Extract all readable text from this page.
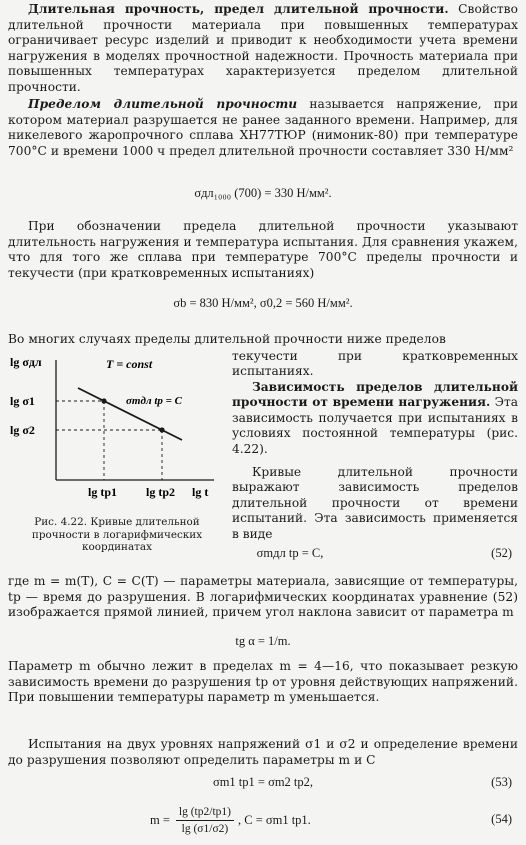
Длительная прочность, предел длительной прочности. Свойство длительной прочности материала при повышенных температурах ограничивает ресурс изделий и приводит к необходимости учета времени нагружения в моделях прочностной надежности. Прочность материала при повышенных температурах характеризуется пределом длительной прочности.

Пределом длительной прочности называется напряжение, при котором материал разрушается не ранее заданного времени. Например, для никелевого жаропрочного сплава ХН77ТЮР (нимоник-80) при температуре 700°С и времени 1000 ч предел длительной прочности составляет 330 Н/мм²

σдл₁₀₀₀ (700) = 330 Н/мм².

При обозначении предела длительной прочности указывают длительность нагружения и температура испытания. Для сравнения укажем, что для того же сплава при температуре 700°С пределы прочности и текучести (при кратковременных испытаниях)

σb = 830 Н/мм², σ0,2 = 560 Н/мм².

Во многих случаях пределы длительной прочности ниже пределов

lg σдл
lg σ1
lg σ2
T = const
σmдл tp = C
lg tp1 lg tp2 lg t

Рис. 4.22. Кривые длительной прочности в логарифмических координатах

текучести при кратковременных испытаниях.

Зависимость пределов длительной прочности от времени нагружения. Эта зависимость получается при испытаниях в условиях постоянной температуры (рис. 4.22).

Кривые длительной прочности выражают зависимость пределов длительной прочности от времени испытаний. Эта зависимость применяется в виде

σmдл tp = C,	(52)

где m = m(T), C = C(T) — параметры материала, зависящие от температуры, tp — время до разрушения. В логарифмических координатах уравнение (52) изображается прямой линией, причем угол наклона зависит от параметра m

tg α = 1/m.

Параметр m обычно лежит в пределах m = 4—16, что показывает резкую зависимость времени до разрушения tp от уровня действующих напряжений. При повышении температуры параметр m уменьшается.

Испытания на двух уровнях напряжений σ1 и σ2 и определение времени до разрушения позволяют определить параметры m и C

σm1 tp1 = σm2 tp2,	(53)
$m = \frac{\lg (tp2/tp1)}{\lg (\sigma 1/\sigma 2)}$ , C = σm1 tp1.	(54)
